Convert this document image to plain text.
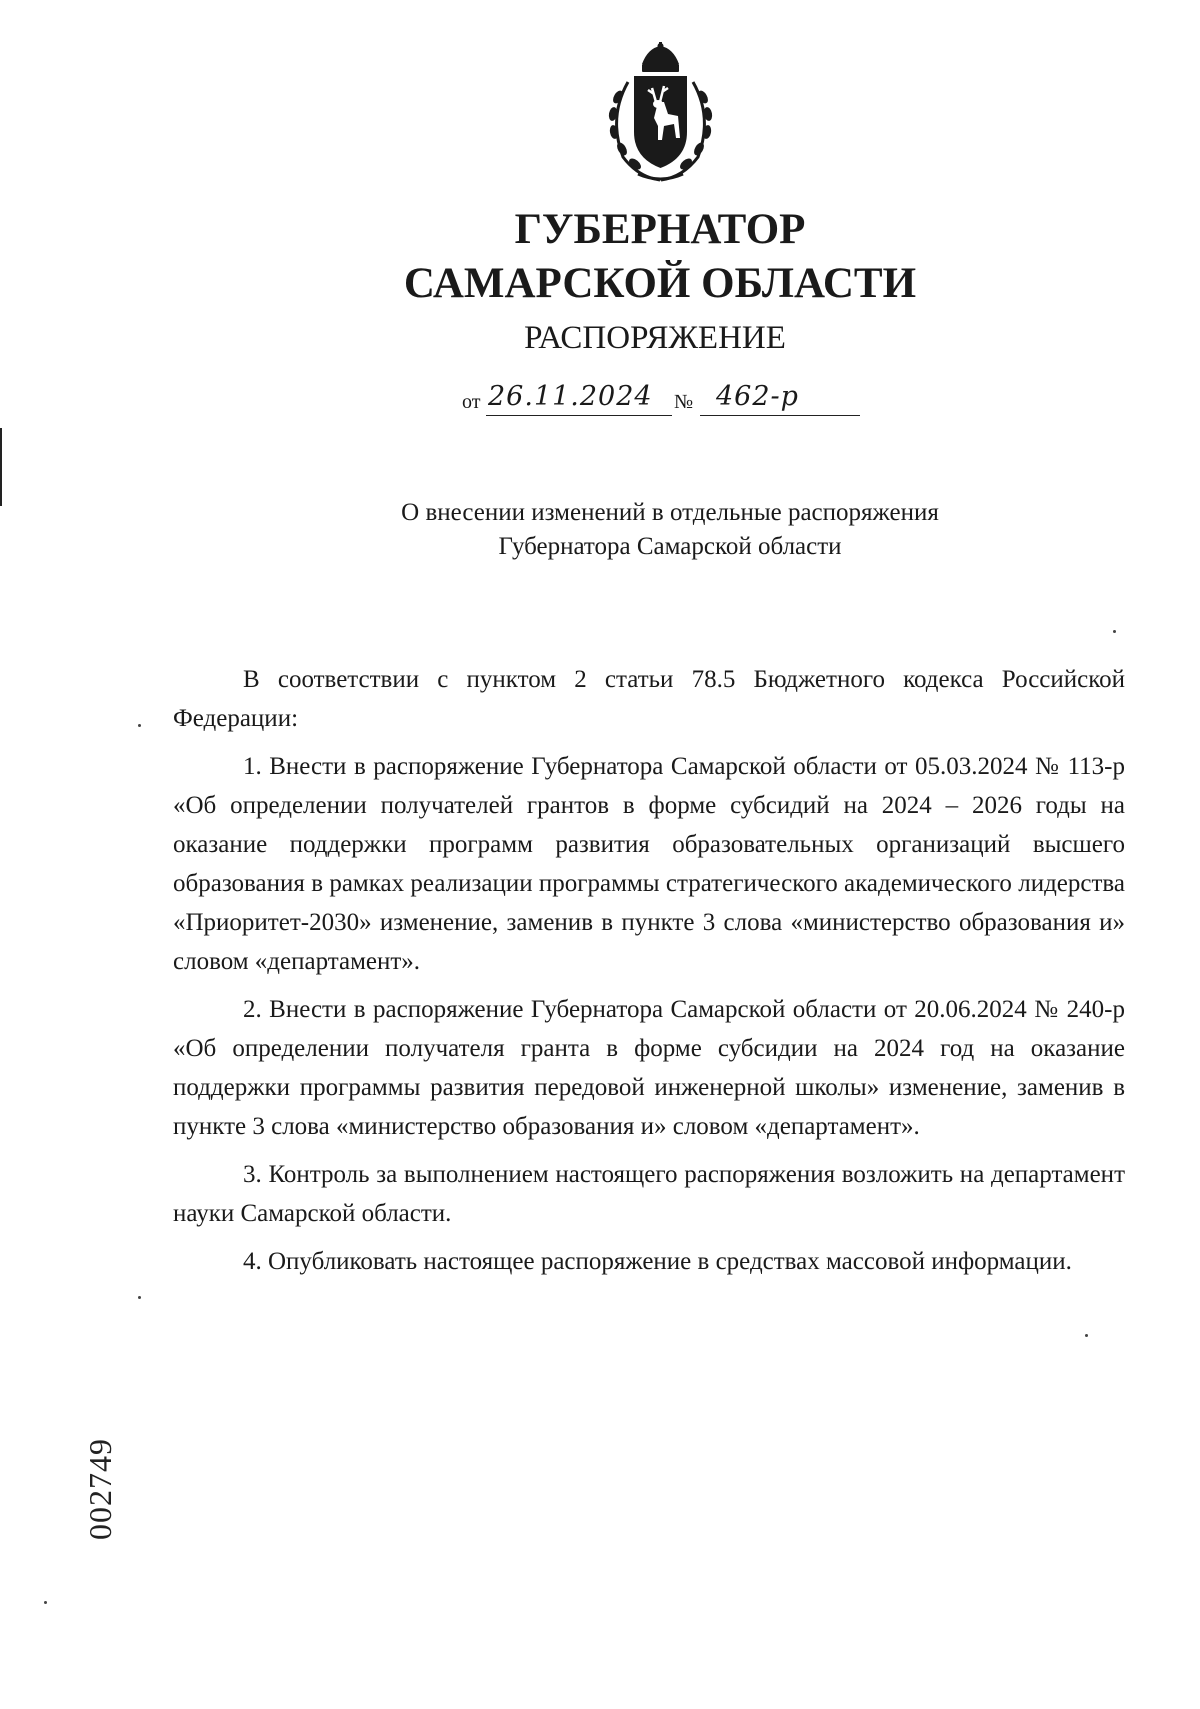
ГУБЕРНАТОР
САМАРСКОЙ ОБЛАСТИ
РАСПОРЯЖЕНИЕ
от 26.11.2024 № 462-р
О внесении изменений в отдельные распоряжения
Губернатора Самарской области

В соответствии с пунктом 2 статьи 78.5 Бюджетного кодекса Российской Федерации:

1. Внести в распоряжение Губернатора Самарской области от 05.03.2024 № 113-р «Об определении получателей грантов в форме субсидий на 2024 – 2026 годы на оказание поддержки программ развития образовательных организаций высшего образования в рамках реализации программы стратегического академического лидерства «Приоритет-2030» изменение, заменив в пункте 3 слова «министерство образования и» словом «департамент».

2. Внести в распоряжение Губернатора Самарской области от 20.06.2024 № 240-р «Об определении получателя гранта в форме субсидии на 2024 год на оказание поддержки программы развития передовой инженерной школы» изменение, заменив в пункте 3 слова «министерство образования и» словом «департамент».

3. Контроль за выполнением настоящего распоряжения возложить на департамент науки Самарской области.

4. Опубликовать настоящее распоряжение в средствах массовой информации.

002749
